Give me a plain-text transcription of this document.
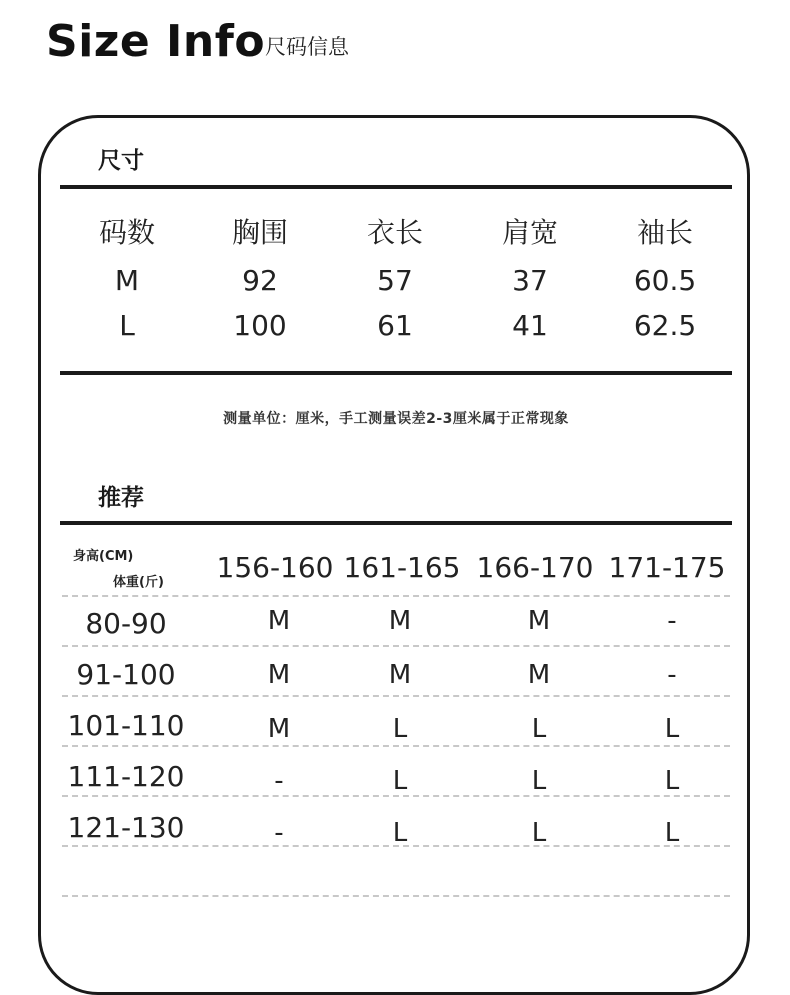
Size Info 尺码信息
尺寸
码数	胸围	衣长	肩宽	袖长
M	92	57	37	60.5
L	100	61	41	62.5
测量单位：厘米，手工测量误差2-3厘米属于正常现象
推荐
身高(CM)
体重(斤) 156-160 161-165 166-170 171-175
80-90	M	M	M	-
91-100	M	M	M	-
101-110	M	L	L	L
111-120	-	L	L	L
121-130	-	L	L	L
